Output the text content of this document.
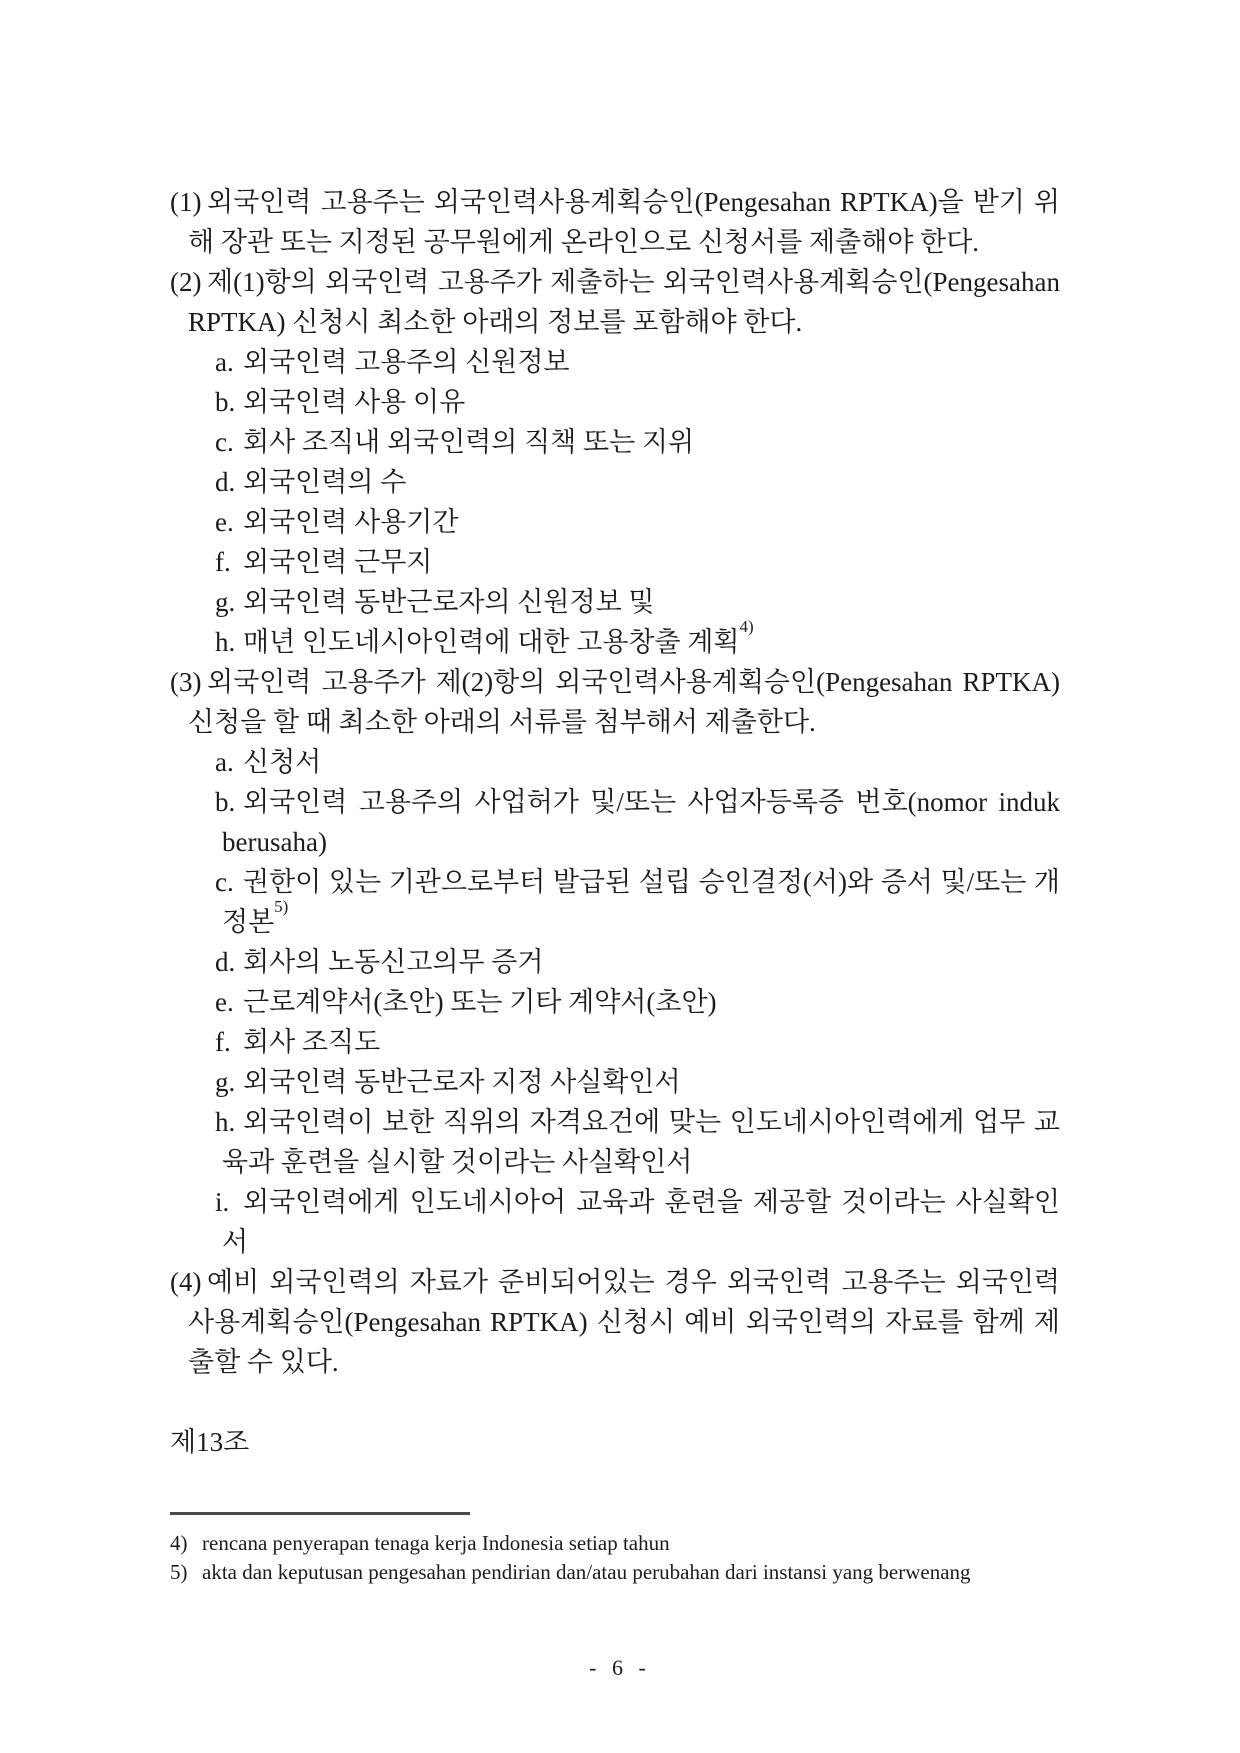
(1) 외국인력 고용주는 외국인력사용계획승인(Pengesahan RPTKA)을 받기 위해 장관 또는 지정된 공무원에게 온라인으로 신청서를 제출해야 한다.
(2) 제(1)항의 외국인력 고용주가 제출하는 외국인력사용계획승인(Pengesahan RPTKA) 신청시 최소한 아래의 정보를 포함해야 한다.
a. 외국인력 고용주의 신원정보
b. 외국인력 사용 이유
c. 회사 조직내 외국인력의 직책 또는 지위
d. 외국인력의 수
e. 외국인력 사용기간
f. 외국인력 근무지
g. 외국인력 동반근로자의 신원정보 및
h. 매년 인도네시아인력에 대한 고용창출 계획$^{4)}$
(3) 외국인력 고용주가 제(2)항의 외국인력사용계획승인(Pengesahan RPTKA) 신청을 할 때 최소한 아래의 서류를 첨부해서 제출한다.
a. 신청서
b. 외국인력 고용주의 사업허가 및/또는 사업자등록증 번호(nomor induk berusaha)
c. 권한이 있는 기관으로부터 발급된 설립 승인결정(서)와 증서 및/또는 개정본$^{5)}$
d. 회사의 노동신고의무 증거
e. 근로계약서(초안) 또는 기타 계약서(초안)
f. 회사 조직도
g. 외국인력 동반근로자 지정 사실확인서
h. 외국인력이 보한 직위의 자격요건에 맞는 인도네시아인력에게 업무 교육과 훈련을 실시할 것이라는 사실확인서
i. 외국인력에게 인도네시아어 교육과 훈련을 제공할 것이라는 사실확인서
(4) 예비 외국인력의 자료가 준비되어있는 경우 외국인력 고용주는 외국인력 사용계획승인(Pengesahan RPTKA) 신청시 예비 외국인력의 자료를 함께 제출할 수 있다.
제13조
4) rencana penyerapan tenaga kerja Indonesia setiap tahun
5) akta dan keputusan pengesahan pendirian dan/atau perubahan dari instansi yang berwenang
- 6 -
